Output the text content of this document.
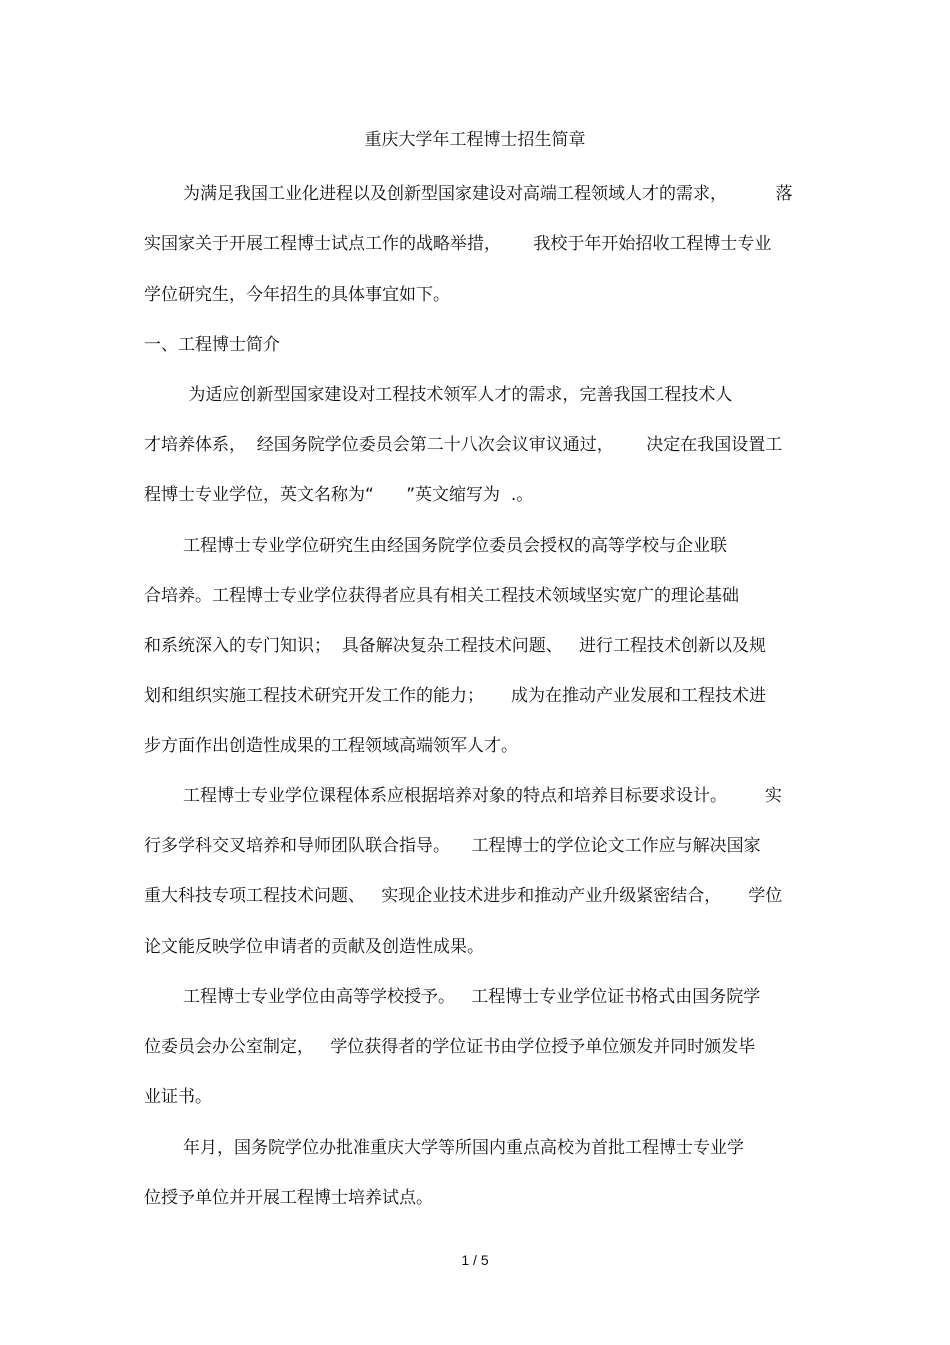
重庆大学年工程博士招生简章
为满足我国工业化进程以及创新型国家建设对高端工程领域人才的需求，         落
实国家关于开展工程博士试点工作的战略举措，      我校于年开始招收工程博士专业
学位研究生，今年招生的具体事宜如下。
一、工程博士简介
为适应创新型国家建设对工程技术领军人才的需求，完善我国工程技术人
才培养体系，  经国务院学位委员会第二十八次会议审议通过，      决定在我国设置工
程博士专业学位，英文名称为“      ”英文缩写为  .。
工程博士专业学位研究生由经国务院学位委员会授权的高等学校与企业联
合培养。工程博士专业学位获得者应具有相关工程技术领域坚实宽广的理论基础
和系统深入的专门知识；  具备解决复杂工程技术问题、   进行工程技术创新以及规
划和组织实施工程技术研究开发工作的能力；     成为在推动产业发展和工程技术进
步方面作出创造性成果的工程领域高端领军人才。
工程博士专业学位课程体系应根据培养对象的特点和培养目标要求设计。       实
行多学科交叉培养和导师团队联合指导。    工程博士的学位论文工作应与解决国家
重大科技专项工程技术问题、   实现企业技术进步和推动产业升级紧密结合，     学位
论文能反映学位申请者的贡献及创造性成果。
工程博士专业学位由高等学校授予。   工程博士专业学位证书格式由国务院学
位委员会办公室制定，   学位获得者的学位证书由学位授予单位颁发并同时颁发毕
业证书。
年月，国务院学位办批准重庆大学等所国内重点高校为首批工程博士专业学
位授予单位并开展工程博士培养试点。
1 / 5
